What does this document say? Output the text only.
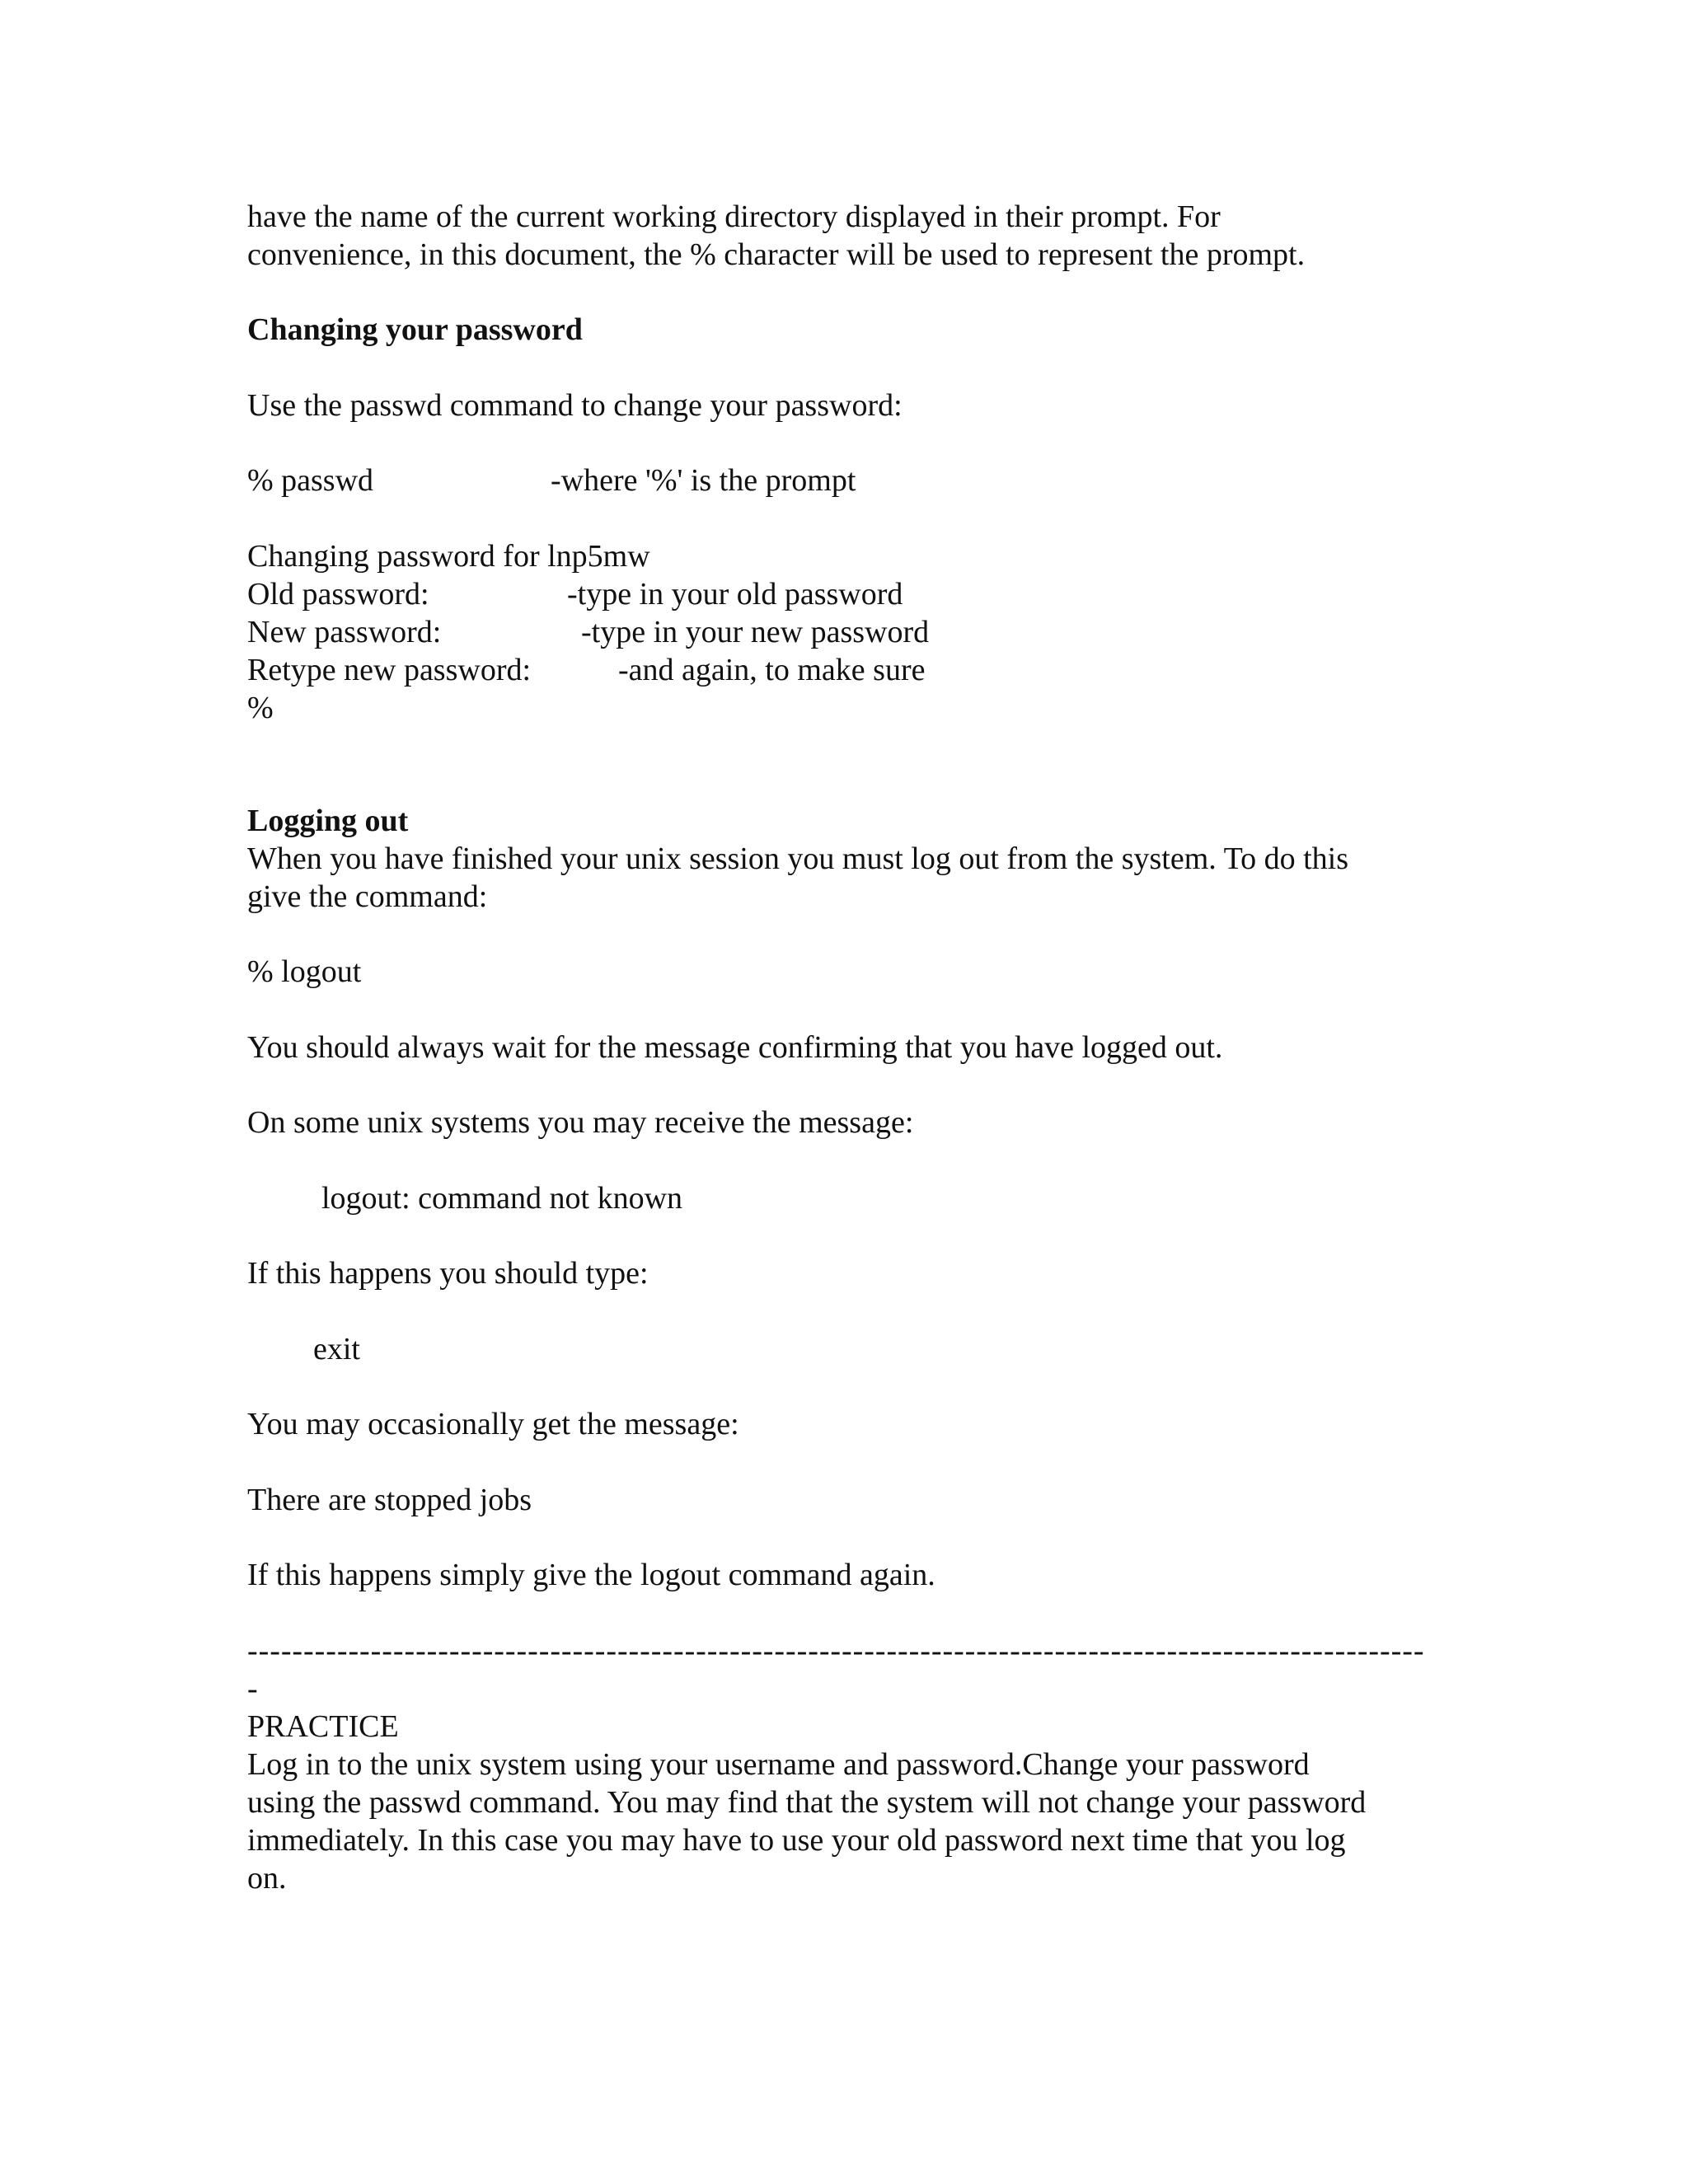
have the name of the current working directory displayed in their prompt. For

convenience, in this document, the % character will be used to represent the prompt.

Changing your password

Use the passwd command to change your password:

% passwd	-where '%' is the prompt

Changing password for lnp5mw

Old password:	-type in your old password

New password:	-type in your new password

Retype new password:	-and again, to make sure

%

Logging out

When you have finished your unix session you must log out from the system. To do this

give the command:

% logout

You should always wait for the message confirming that you have logged out.

On some unix systems you may receive the message:

logout: command not known

If this happens you should type:

exit

You may occasionally get the message:

There are stopped jobs

If this happens simply give the logout command again.

---------------------------------------------------------------------------------------------------------

-

PRACTICE

Log in to the unix system using your username and password.Change your password

using the passwd command. You may find that the system will not change your password

immediately. In this case you may have to use your old password next time that you log

on.
